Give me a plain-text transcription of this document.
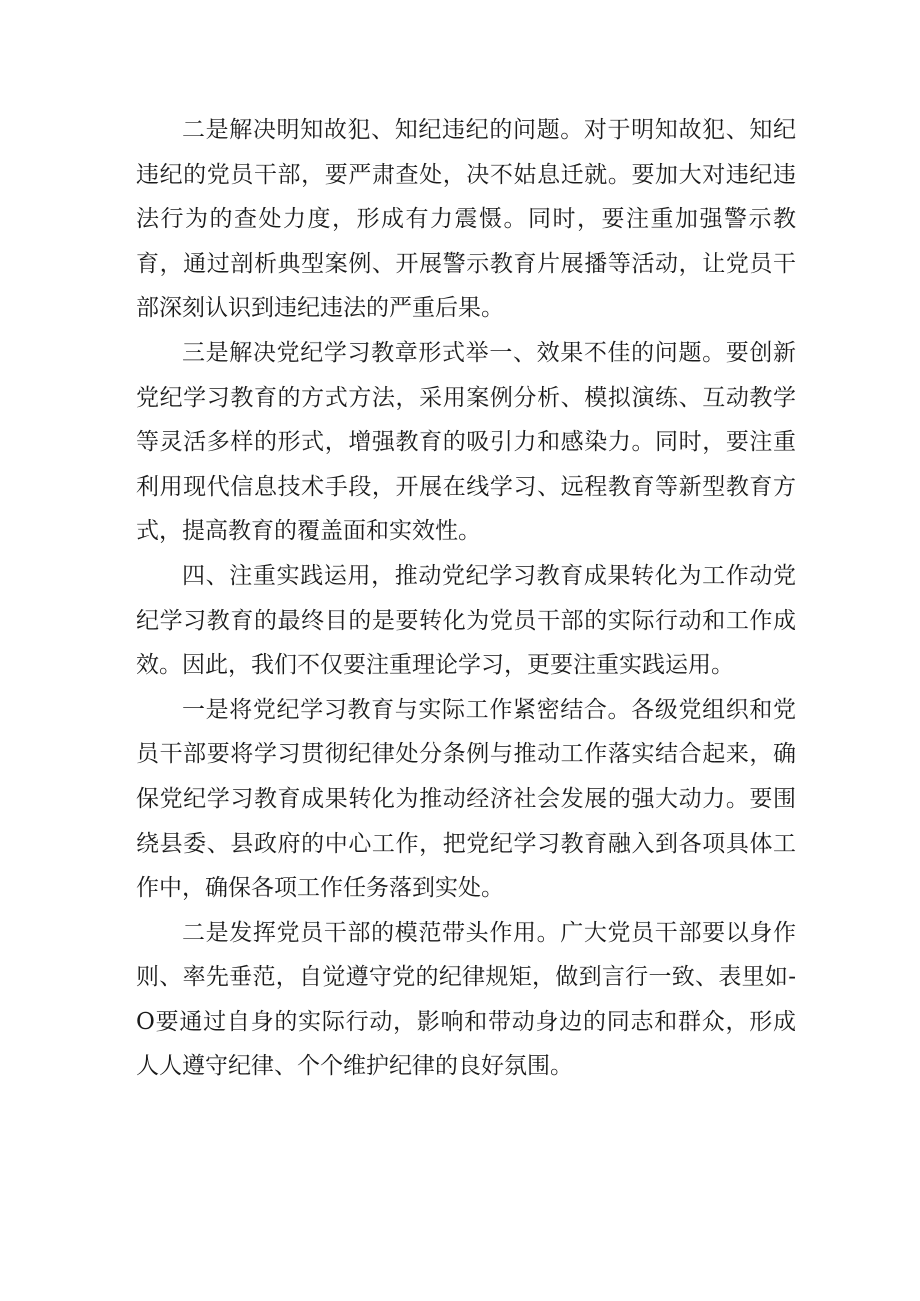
二是解决明知故犯、知纪违纪的问题。对于明知故犯、知纪违纪的党员干部，要严肃查处，决不姑息迁就。要加大对违纪违法行为的查处力度，形成有力震慑。同时，要注重加强警示教育，通过剖析典型案例、开展警示教育片展播等活动，让党员干部深刻认识到违纪违法的严重后果。

三是解决党纪学习教章形式举一、效果不佳的问题。要创新党纪学习教育的方式方法，采用案例分析、模拟演练、互动教学等灵活多样的形式，增强教育的吸引力和感染力。同时，要注重利用现代信息技术手段，开展在线学习、远程教育等新型教育方式，提高教育的覆盖面和实效性。

四、注重实践运用，推动党纪学习教育成果转化为工作动党纪学习教育的最终目的是要转化为党员干部的实际行动和工作成效。因此，我们不仅要注重理论学习，更要注重实践运用。

一是将党纪学习教育与实际工作紧密结合。各级党组织和党员干部要将学习贯彻纪律处分条例与推动工作落实结合起来，确保党纪学习教育成果转化为推动经济社会发展的强大动力。要围绕县委、县政府的中心工作，把党纪学习教育融入到各项具体工作中，确保各项工作任务落到实处。

二是发挥党员干部的模范带头作用。广大党员干部要以身作则、率先垂范，自觉遵守党的纪律规矩，做到言行一致、表里如-O要通过自身的实际行动，影响和带动身边的同志和群众，形成人人遵守纪律、个个维护纪律的良好氛围。
